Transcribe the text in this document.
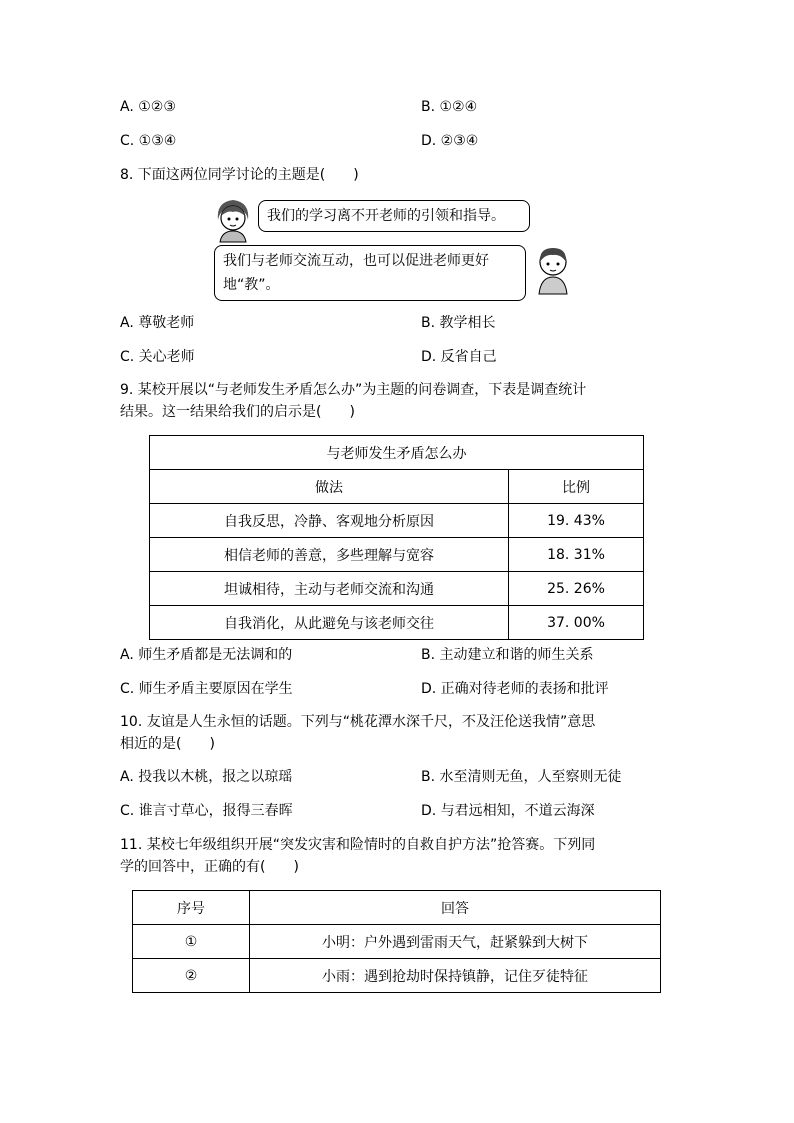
A. ①②③	B. ①②④
C. ①③④	D. ②③④
8. 下面这两位同学讨论的主题是(　　)
我们的学习离不开老师的引领和指导。
我们与老师交流互动，也可以促进老师更好
地“教”。
A. 尊敬老师	B. 教学相长
C. 关心老师	D. 反省自己
9. 某校开展以“与老师发生矛盾怎么办”为主题的问卷调查，下表是调查统计
结果。这一结果给我们的启示是(　　)
与老师发生矛盾怎么办	
做法	比例
自我反思，冷静、客观地分析原因	19. 43%
相信老师的善意，多些理解与宽容	18. 31%
坦诚相待，主动与老师交流和沟通	25. 26%
自我消化，从此避免与该老师交往	37. 00%
A. 师生矛盾都是无法调和的	B. 主动建立和谐的师生关系
C. 师生矛盾主要原因在学生	D. 正确对待老师的表扬和批评
10. 友谊是人生永恒的话题。下列与“桃花潭水深千尺，不及汪伦送我情”意思
相近的是(　　)
A. 投我以木桃，报之以琼瑶	B. 水至清则无鱼，人至察则无徒
C. 谁言寸草心，报得三春晖	D. 与君远相知，不道云海深
11. 某校七年级组织开展“突发灾害和险情时的自救自护方法”抢答赛。下列同
学的回答中，正确的有(　　)
序号	回答
①	小明：户外遇到雷雨天气，赶紧躲到大树下
②	小雨：遇到抢劫时保持镇静，记住歹徒特征
